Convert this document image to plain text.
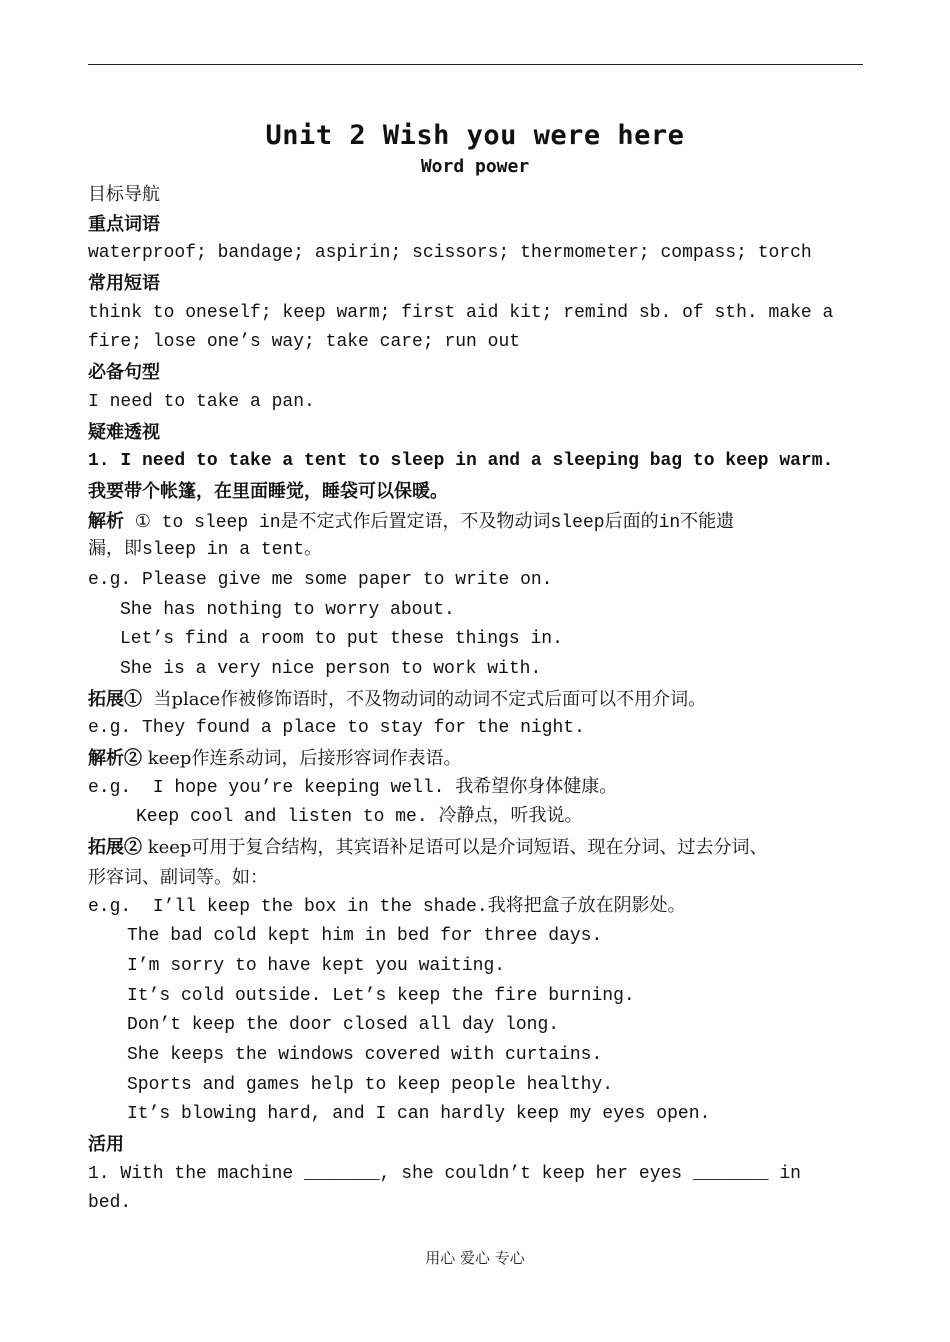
Unit 2 Wish you were here
Word power
目标导航
重点词语
waterproof; bandage; aspirin; scissors; thermometer; compass; torch
常用短语
think to oneself; keep warm; first aid kit; remind sb. of sth. make a
fire; lose one’s way; take care; run out
必备句型
I need to take a pan.
疑难透视
1. I need to take a tent to sleep in and a sleeping bag to keep warm.
我要带个帐篷，在里面睡觉，睡袋可以保暖。
解析 ① to sleep in是不定式作后置定语，不及物动词sleep后面的in不能遗
漏，即sleep in a tent。
e.g. Please give me some paper to write on.
She has nothing to worry about.
Let’s find a room to put these things in.
She is a very nice person to work with.
拓展①  当place作被修饰语时，不及物动词的动词不定式后面可以不用介词。
e.g. They found a place to stay for the night.
解析② keep作连系动词，后接形容词作表语。
e.g.  I hope you’re keeping well. 我希望你身体健康。
Keep cool and listen to me. 冷静点，听我说。
拓展② keep可用于复合结构，其宾语补足语可以是介词短语、现在分词、过去分词、
形容词、副词等。如：
e.g.  I’ll keep the box in the shade.我将把盒子放在阴影处。
The bad cold kept him in bed for three days.
I’m sorry to have kept you waiting.
It’s cold outside. Let’s keep the fire burning.
Don’t keep the door closed all day long.
She keeps the windows covered with curtains.
Sports and games help to keep people healthy.
It’s blowing hard, and I can hardly keep my eyes open.
活用
1. With the machine _______, she couldn’t keep her eyes _______ in
bed.
用心 爱心 专心
